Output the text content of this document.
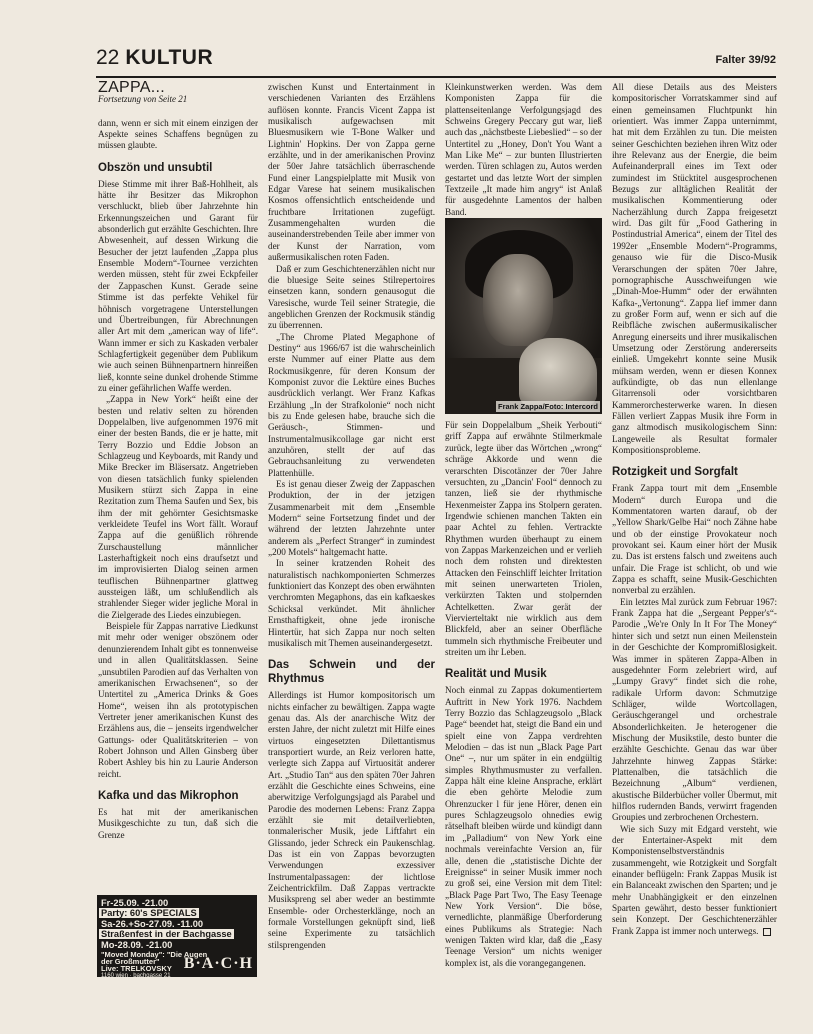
22 KULTUR	Falter 39/92
ZAPPA...
Fortsetzung von Seite 21

dann, wenn er sich mit einem einzigen der Aspekte seines Schaffens begnügen zu müssen glaubte.

Obszön und unsubtil

Diese Stimme mit ihrer Baß-Hohlheit, als hätte ihr Besitzer das Mikrophon verschluckt, blieb über Jahrzehnte hin Erkennungszeichen und Garant für absonderlich gut erzählte Geschichten. Ihre Abwesenheit, auf dessen Wirkung die Besucher der jetzt laufenden „Zappa plus Ensemble Modern“-Tournee verzichten werden müssen, steht für zwei Eckpfeiler der Zappaschen Kunst. Gerade seine Stimme ist das perfekte Vehikel für höhnisch vorgetragene Unterstellungen und Übertreibungen, für Abrechnungen aller Art mit dem „american way of life“. Wann immer er sich zu Kaskaden verbaler Schlagfertigkeit gegenüber dem Publikum wie auch seinen Bühnenpartnern hinreißen ließ, konnte seine dunkel drohende Stimme zu einer gefährlichen Waffe werden.

„Zappa in New York“ heißt eine der besten und relativ selten zu hörenden Doppelalben, live aufgenommen 1976 mit einer der besten Bands, die er je hatte, mit Terry Bozzio und Eddie Jobson an Schlagzeug und Keyboards, mit Randy und Mike Brecker im Bläsersatz. Angetrieben von diesen tatsächlich funky spielenden Musikern stürzt sich Zappa in eine Rezitation zum Thema Saufen und Sex, bis ihm der mit gehörnter Gesichtsmaske verkleidete Teufel ins Wort fällt. Worauf Zappa auf die genüßlich röhrende Zurschaustellung männlicher Lasterhaftigkeit noch eins draufsetzt und im improvisierten Dialog seinen armen teuflischen Bühnenpartner glattweg aussteigen läßt, um schlußendlich als strahlender Sieger wider jegliche Moral in die Zielgerade des Liedes einzubiegen.

Beispiele für Zappas narrative Liedkunst mit mehr oder weniger obszönem oder denunzierendem Inhalt gibt es tonnenweise und in allen Qualitätsklassen. Seine „unsubtilen Parodien auf das Verhalten von amerikanischen Erwachsenen“, so der Untertitel zu „America Drinks & Goes Home“, weisen ihn als prototypischen Vertreter jener amerikanischen Kunst des Erzählens aus, die – jenseits irgendwelcher Gattungs- oder Qualitätskriterien – von Robert Johnson und Allen Ginsberg über Robert Ashley bis hin zu Laurie Anderson reicht.

Kafka und das Mikrophon

Es hat mit der amerikanischen Musikgeschichte zu tun, daß sich die Grenze

zwischen Kunst und Entertainment in verschiedenen Varianten des Erzählens auflösen konnte. Francis Vicent Zappa ist musikalisch aufgewachsen mit Bluesmusikern wie T-Bone Walker und Lightnin' Hopkins. Der von Zappa gerne erzählte, und in der amerikanischen Provinz der 50er Jahre tatsächlich überraschende Fund einer Langspielplatte mit Musik von Edgar Varese hat seinem musikalischen Kosmos offensichtlich entscheidende und fruchtbare Irritationen zugefügt. Zusammengehalten wurden die auseinanderstrebenden Teile aber immer von der Kunst der Narration, vom außermusikalischen roten Faden.

Daß er zum Geschichtenerzählen nicht nur die bluesige Seite seines Stilrepertoires einsetzen kann, sondern genausogut die Varesische, wurde Teil seiner Strategie, die angeblichen Grenzen der Rockmusik ständig zu überrennen.

„The Chrome Plated Megaphone of Destiny“ aus 1966/67 ist die wahrscheinlich erste Nummer auf einer Platte aus dem Rockmusikgenre, für deren Konsum der Komponist zuvor die Lektüre eines Buches ausdrücklich verlangt. Wer Franz Kafkas Erzählung „In der Strafkolonie“ noch nicht bis zu Ende gelesen habe, brauche sich die Geräusch-, Stimmen- und Instrumentalmusikcollage gar nicht erst anzuhören, stellt der auf das Gebrauchsanleitung zu verwendeten Plattenhülle.

Es ist genau dieser Zweig der Zappaschen Produktion, der in der jetzigen Zusammenarbeit mit dem „Ensemble Modern“ seine Fortsetzung findet und der während der letzten Jahrzehnte unter anderem als „Perfect Stranger“ in zumindest „200 Motels“ haltgemacht hatte.

In seiner kratzenden Roheit des naturalistisch nachkomponierten Schmerzes funktioniert das Konzept des oben erwähnten verchromten Megaphons, das ein kafkaeskes Schicksal verkündet. Mit ähnlicher Ernsthaftigkeit, ohne jede ironische Hintertür, hat sich Zappa nur noch selten musikalisch mit Themen auseinandergesetzt.

Das Schwein und der Rhythmus

Allerdings ist Humor kompositorisch um nichts einfacher zu bewältigen. Zappa wagte genau das. Als der anarchische Witz der ersten Jahre, der nicht zuletzt mit Hilfe eines virtuos eingesetzten Dilettantismus transportiert wurde, an Reiz verloren hatte, verlegte sich Zappa auf Virtuosität anderer Art. „Studio Tan“ aus den späten 70er Jahren erzählt die Geschichte eines Schweins, eine aberwitzige Verfolgungsjagd als Parabel und Parodie des modernen Lebens: Franz Zappa erzählt sie mit detailverliebten, tonmalerischer Musik, jede Liftfahrt ein Glissando, jeder Schreck ein Paukenschlag. Das ist ein von Zappas bevorzugten Verwendungen exzessiver Instrumentalpassagen: der lichtlose Zeichentrickfilm. Daß Zappas vertrackte Musikspreng sel aber weder an bestimmte Ensemble- oder Orchesterklänge, noch an formale Vorstellungen geknüpft sind, ließ seine Experimente zu tatsächlich stilsprengenden

Kleinkunstwerken werden. Was dem Komponisten Zappa für die plattenseitenlange Verfolgungsjagd des Schweins Gregery Peccary gut war, ließ auch das „nächstbeste Liebeslied“ – so der Untertitel zu „Honey, Don't You Want a Man Like Me“ – zur bunten Illustrierten werden. Türen schlagen zu, Autos werden gestartet und das letzte Wort der simplen Textzeile „It made him angry“ ist Anlaß für ausgedehnte Lamentos der halben Band.

Frank Zappa/Foto: Intercord

Für sein Doppelalbum „Sheik Yerbouti“ griff Zappa auf erwähnte Stilmerkmale zurück, legte über das Wörtchen „wrong“ schräge Akkorde und wenn die verarschten Discotänzer der 70er Jahre versuchten, zu „Dancin' Fool“ dennoch zu tanzen, ließ sie der rhythmische Hexenmeister Zappa ins Stolpern geraten. Irgendwie schienen manchen Takten ein paar Achtel zu fehlen. Vertrackte Rhythmen wurden überhaupt zu einem von Zappas Markenzeichen und er verlieh noch dem rohsten und direktesten Attacken den Feinschliff leichter Irritation mit seinen unerwarteten Triolen, verkürzten Takten und stolpernden Achtelketten. Zwar gerät der Viervierteltakt nie wirklich aus dem Blickfeld, aber an seiner Oberfläche tummeln sich rhythmische Freibeuter und streiten um ihr Leben.

Realität und Musik

Noch einmal zu Zappas dokumentiertem Auftritt in New York 1976. Nachdem Terry Bozzio das Schlagzeugsolo „Black Page“ beendet hat, steigt die Band ein und spielt eine von Zappa verdrehten Melodien – das ist nun „Black Page Part One“ –, nur um später in ein endgültig simples Rhythmusmuster zu verfallen. Zappa hält eine kleine Ansprache, erklärt die eben gehörte Melodie zum Ohrenzucker l für jene Hörer, denen ein pures Schlagzeugsolo ohnedies ewig rätselhaft bleiben würde und kündigt dann im „Palladium“ von New York eine nochmals vereinfachte Version an, für alle, denen die „statistische Dichte der Ereignisse“ in seiner Musik immer noch zu groß sei, eine Version mit dem Titel: „Black Page Part Two, The Easy Teenage New York Version“. Die böse, vernedlichte, planmäßige Überforderung eines Publikums als Strategie: Nach wenigen Takten wird klar, daß die „Easy Teenage Version“ um nichts weniger komplex ist, als die vorangegangenen.

All diese Details aus des Meisters kompositorischer Vorratskammer sind auf einen gemeinsamen Fluchtpunkt hin orientiert. Was immer Zappa unternimmt, hat mit dem Erzählen zu tun. Die meisten seiner Geschichten beziehen ihren Witz oder ihre Relevanz aus der Energie, die beim Aufeinanderprall eines im Text oder zumindest im Stücktitel ausgesprochenen Bezugs zur alltäglichen Realität der musikalischen Kommentierung oder Nacherzählung durch Zappa freigesetzt wird. Das gilt für „Food Gathering in Postindustrial America“, einem der Titel des 1992er „Ensemble Modern“-Programms, genauso wie für die Disco-Musik Verarschungen der späten 70er Jahre, pornographische Ausschweifungen wie „Dinah-Moe-Humm“ oder der erwähnten Kafka-„Vertonung“. Zappa lief immer dann zu großer Form auf, wenn er sich auf die Reibfläche zwischen außermusikalischer Anregung einerseits und ihrer musikalischen Umsetzung oder Zerstörung andererseits einließ. Umgekehrt konnte seine Musik mühsam werden, wenn er diesen Konnex aufkündigte, ob das nun ellenlange Gitarrensoli oder vorsichtbaren Kammerorchesterwerke waren. In diesen Fällen verliert Zappas Musik ihre Form in ganz altmodisch musikologischem Sinn: Langeweile als Resultat formaler Kompositionsprobleme.

Rotzigkeit und Sorgfalt

Frank Zappa tourt mit dem „Ensemble Modern“ durch Europa und die Kommentatoren warten darauf, ob der „Yellow Shark/Gelbe Hai“ noch Zähne habe und ob der einstige Provokateur noch provokant sei. Kaum einer hört der Musik zu. Das ist erstens falsch und zweitens auch unfair. Die Frage ist schlicht, ob und wie Zappa es schafft, seine Musik-Geschichten nonverbal zu erzählen.

Ein letztes Mal zurück zum Februar 1967: Frank Zappa hat die „Sergeant Pepper's“-Parodie „We're Only In It For The Money“ hinter sich und setzt nun einen Meilenstein in der Geschichte der Kompromißlosigkeit. Was immer in späteren Zappa-Alben in ausgedehnter Form zelebriert wird, auf „Lumpy Gravy“ findet sich die rohe, radikale Urform davon: Schmutzige Schläger, wilde Wortcollagen, Geräuschgerangel und orchestrale Absonderlichkeiten. Je heterogener die Mischung der Musikstile, desto bunter die erzählte Geschichte. Genau das war über Jahrzehnte hinweg Zappas Stärke: Plattenalben, die tatsächlich die Bezeichnung „Album“ verdienen, akustische Bilderbücher voller Übermut, mit hilflos rudernden Bands, verwirrt fragenden Groupies und zerbrochenen Orchestern.

Wie sich Suzy mit Edgard versteht, wie der Entertainer-Aspekt mit dem Komponistenselbstverständnis zusammengeht, wie Rotzigkeit und Sorgfalt einander beflügeln: Frank Zappas Musik ist ein Balanceakt zwischen den Sparten; und je mehr Unabhängigkeit er den einzelnen Sparten gewährt, desto besser funktioniert sein Konzept. Der Geschichtenerzähler Frank Zappa ist immer noch unterwegs.

Fr-25.09. -21.00
Party: 60's SPECIALS
Sa-26.+So-27.09. -11.00
Straßenfest in der Bachgasse
Mo-28.09. -21.00
"Moved Monday": "Die Augen
der Großmutter"
Live: TRELKOVSKY
1160 wien · bachgasse 21
B·A·C·H
